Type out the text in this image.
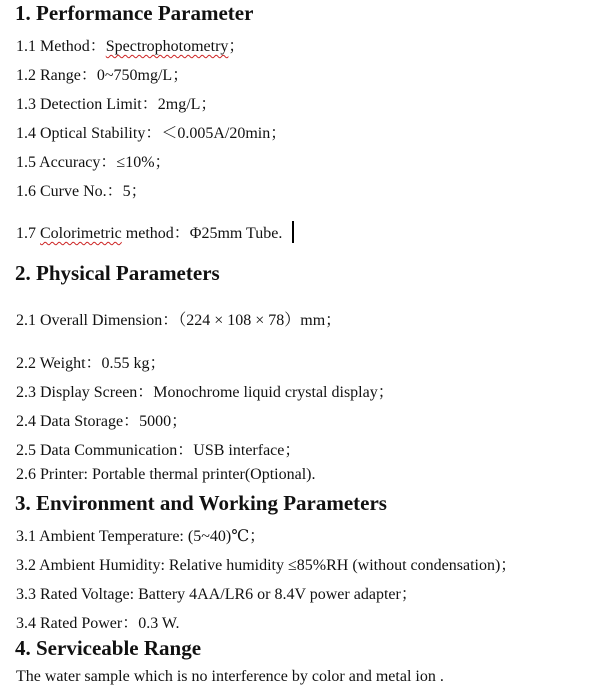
1. Performance Parameter
1.1 Method：Spectrophotometry；
1.2 Range：0~750mg/L；
1.3 Detection Limit：2mg/L；
1.4 Optical Stability：＜0.005A/20min；
1.5 Accuracy：≤10%；
1.6 Curve No.：5；
1.7 Colorimetric method：Φ25mm Tube.
2. Physical Parameters
2.1 Overall Dimension：（224 × 108 × 78）mm；
2.2 Weight：0.55 kg；
2.3 Display Screen：Monochrome liquid crystal display；
2.4 Data Storage：5000；
2.5 Data Communication：USB interface；
2.6 Printer: Portable thermal printer(Optional).
3. Environment and Working Parameters
3.1 Ambient Temperature: (5~40)℃；
3.2 Ambient Humidity: Relative humidity ≤85%RH (without condensation)；
3.3 Rated Voltage: Battery 4AA/LR6 or 8.4V power adapter；
3.4 Rated Power：0.3 W.
4. Serviceable Range
The water sample which is no interference by color and metal ion .
